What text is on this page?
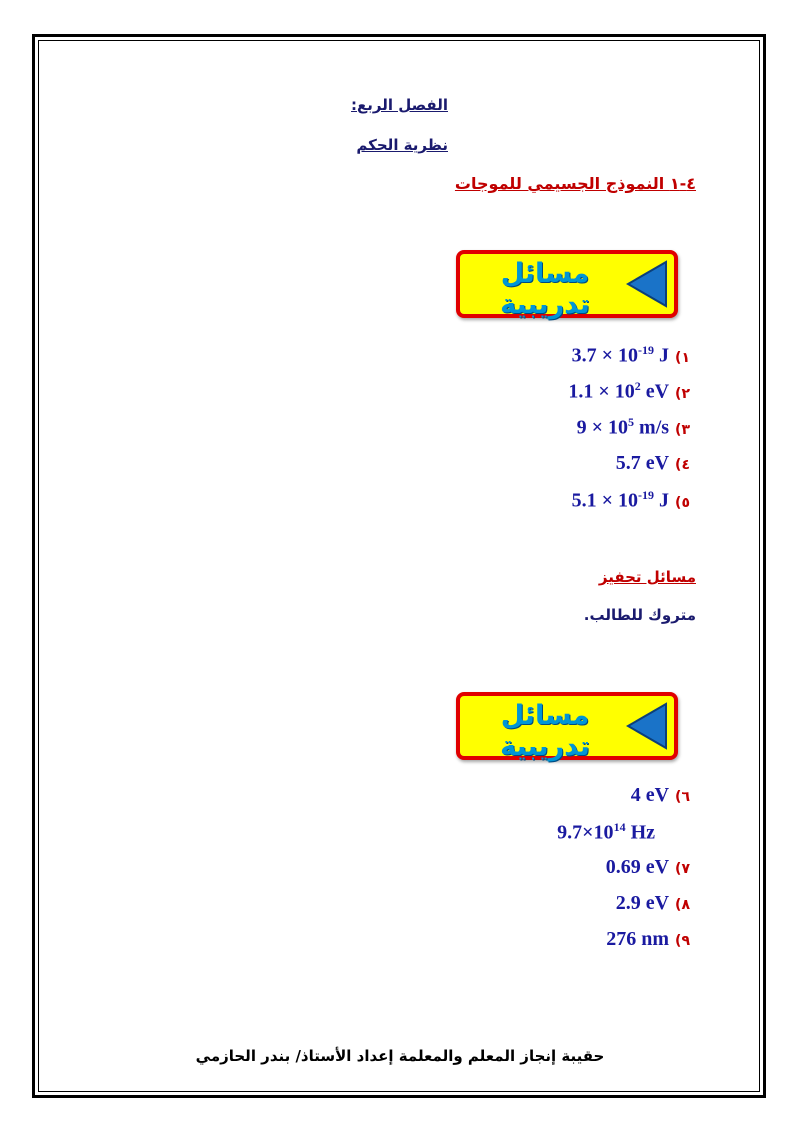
الفصل الربع:
نظرية الحكم
٤-١ النموذج الجسيمي للموجات
مسائل تدريبية
$3.7 \times 10^{-19}$ J (١
$1.1 \times 10^2$ eV (٢
$9 \times 10^5$ m/s (٣
5.7 eV (٤
$5.1 \times 10^{-19}$ J (٥
مسائل تحفيز
متروك للطالب.
مسائل تدريبية
4 eV (٦
$9.7\times 10^{14}$ Hz
0.69 eV (٧
2.9 eV (٨
276 nm (٩
حقيبة إنجاز المعلم والمعلمة إعداد الأستاذ/ بندر الحازمي
